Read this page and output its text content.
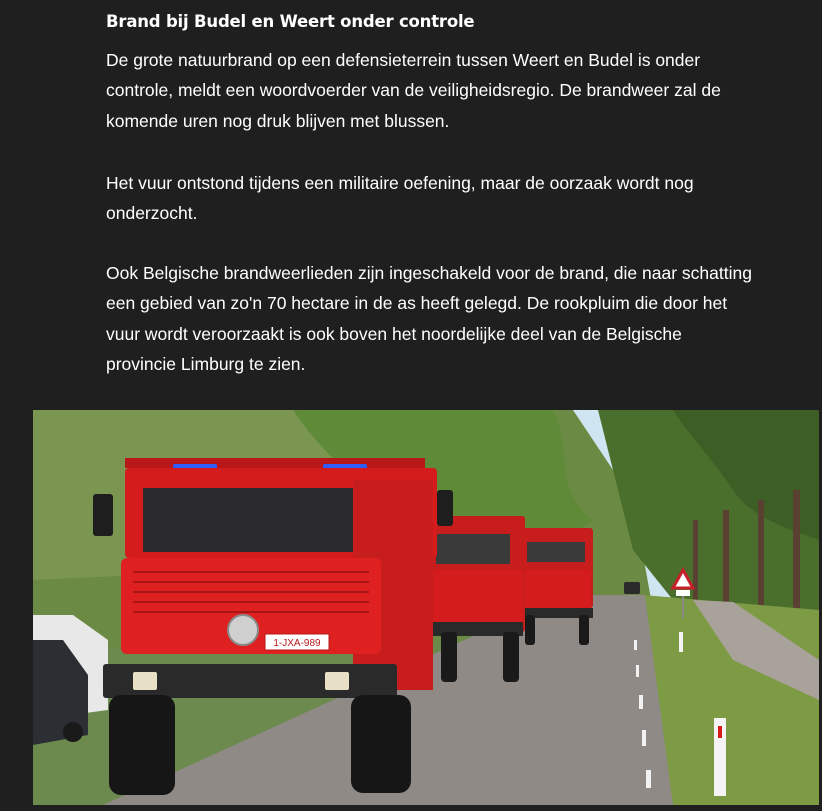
Brand bij Budel en Weert onder controle

De grote natuurbrand op een defensieterrein tussen Weert en Budel is onder controle, meldt een woordvoerder van de veiligheidsregio. De brandweer zal de komende uren nog druk blijven met blussen.

Het vuur ontstond tijdens een militaire oefening, maar de oorzaak wordt nog onderzocht.

Ook Belgische brandweerlieden zijn ingeschakeld voor de brand, die naar schatting een gebied van zo'n 70 hectare in de as heeft gelegd. De rookpluim die door het vuur wordt veroorzaakt is ook boven het noordelijke deel van de Belgische provincie Limburg te zien.

1-JXA-989
